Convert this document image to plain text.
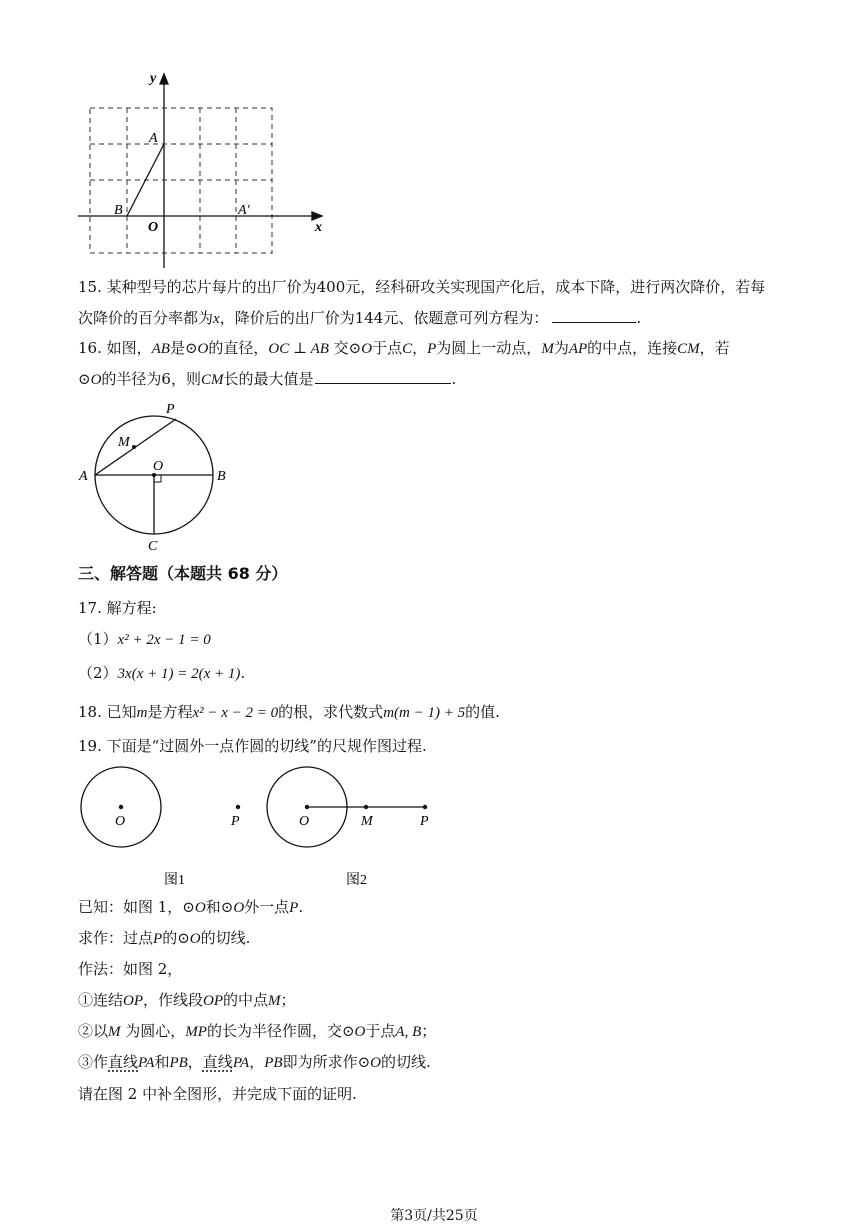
y
x
A
B
O
A′
15. 某种型号的芯片每片的出厂价为400元，经科研攻关实现国产化后，成本下降，进行两次降价，若每
次降价的百分率都为x，降价后的出厂价为144元、依题意可列方程为：	.
16. 如图，AB是⊙O的直径，OC ⊥ AB 交⊙O于点C，P为圆上一动点，M为AP的中点，连接CM，若
⊙O的半径为6，则CM长的最大值是	.
P
M
A
O
B
C
三、解答题（本题共 68 分）
17. 解方程:
（1）x² + 2x − 1 = 0
（2）3x(x + 1) = 2(x + 1).
18. 已知m是方程x² − x − 2 = 0的根，求代数式m(m − 1) + 5的值.
19. 下面是“过圆外一点作圆的切线”的尺规作图过程.
O	P	O	M	P
图1	图2
已知：如图 1，⊙O和⊙O外一点P.
求作：过点P的⊙O的切线.
作法：如图 2，
①连结OP，作线段OP的中点M；
②以M 为圆心，MP的长为半径作圆，交⊙O于点A, B；
③作直线PA和PB，直线PA，PB即为所求作⊙O的切线.
请在图 2 中补全图形，并完成下面的证明.
第3页/共25页
